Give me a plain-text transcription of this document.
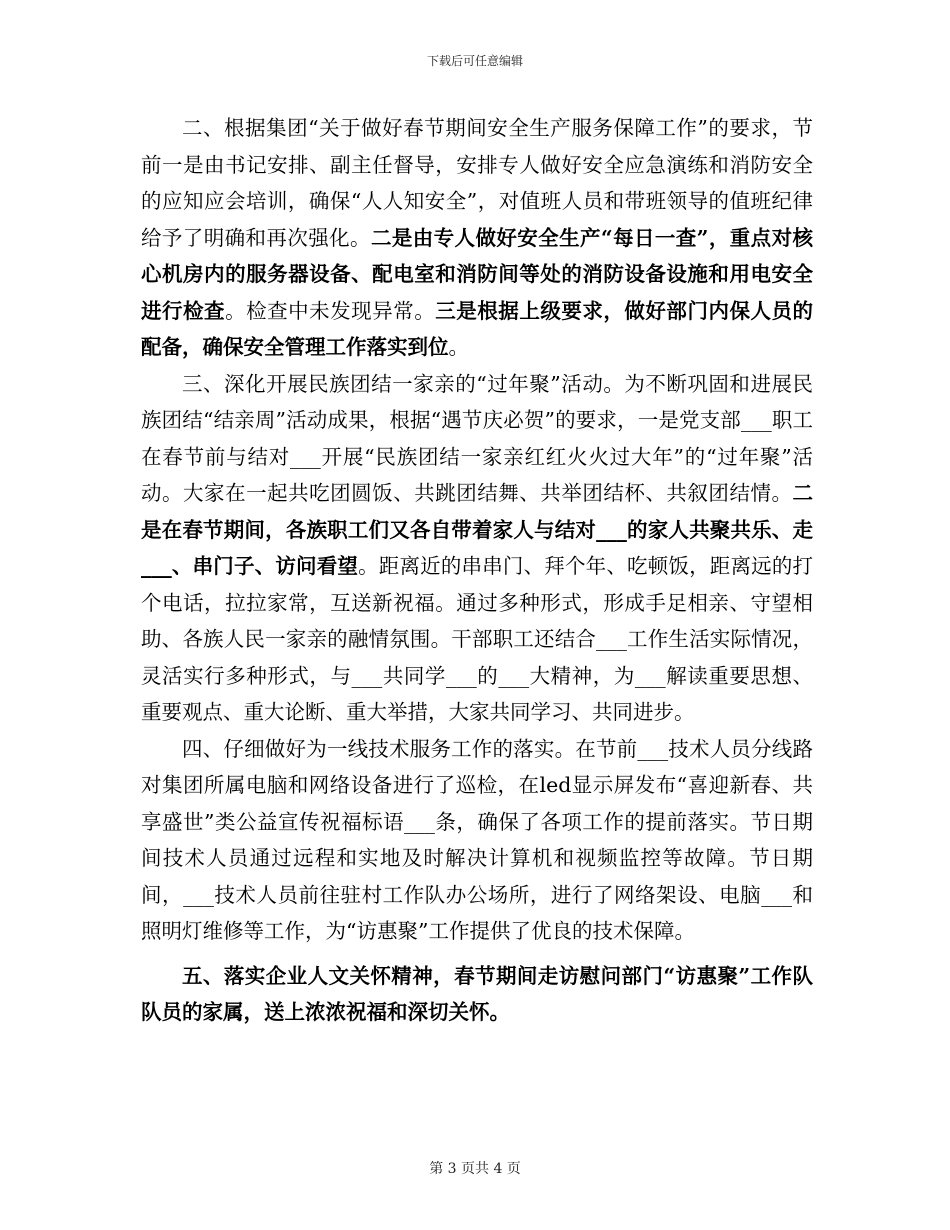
下载后可任意编辑

二、根据集团“关于做好春节期间安全生产服务保障工作”的要求，节前一是由书记安排、副主任督导，安排专人做好安全应急演练和消防安全的应知应会培训，确保“人人知安全”，对值班人员和带班领导的值班纪律给予了明确和再次强化。二是由专人做好安全生产“每日一查”，重点对核心机房内的服务器设备、配电室和消防间等处的消防设备设施和用电安全进行检查。检查中未发现异常。三是根据上级要求，做好部门内保人员的配备，确保安全管理工作落实到位。

三、深化开展民族团结一家亲的“过年聚”活动。为不断巩固和进展民族团结“结亲周”活动成果，根据“遇节庆必贺”的要求，一是党支部___职工在春节前与结对___开展“民族团结一家亲红红火火过大年”的“过年聚”活动。大家在一起共吃团圆饭、共跳团结舞、共举团结杯、共叙团结情。二是在春节期间，各族职工们又各自带着家人与结对___的家人共聚共乐、走___、串门子、访问看望。距离近的串串门、拜个年、吃顿饭，距离远的打个电话，拉拉家常，互送新祝福。通过多种形式，形成手足相亲、守望相助、各族人民一家亲的融情氛围。干部职工还结合___工作生活实际情况，灵活实行多种形式，与___共同学___的___大精神，为___解读重要思想、重要观点、重大论断、重大举措，大家共同学习、共同进步。

四、仔细做好为一线技术服务工作的落实。在节前___技术人员分线路对集团所属电脑和网络设备进行了巡检，在led显示屏发布“喜迎新春、共享盛世”类公益宣传祝福标语___条，确保了各项工作的提前落实。节日期间技术人员通过远程和实地及时解决计算机和视频监控等故障。节日期间，___技术人员前往驻村工作队办公场所，进行了网络架设、电脑___和照明灯维修等工作，为“访惠聚”工作提供了优良的技术保障。

五、落实企业人文关怀精神，春节期间走访慰问部门“访惠聚”工作队队员的家属，送上浓浓祝福和深切关怀。

第 3 页共 4 页
